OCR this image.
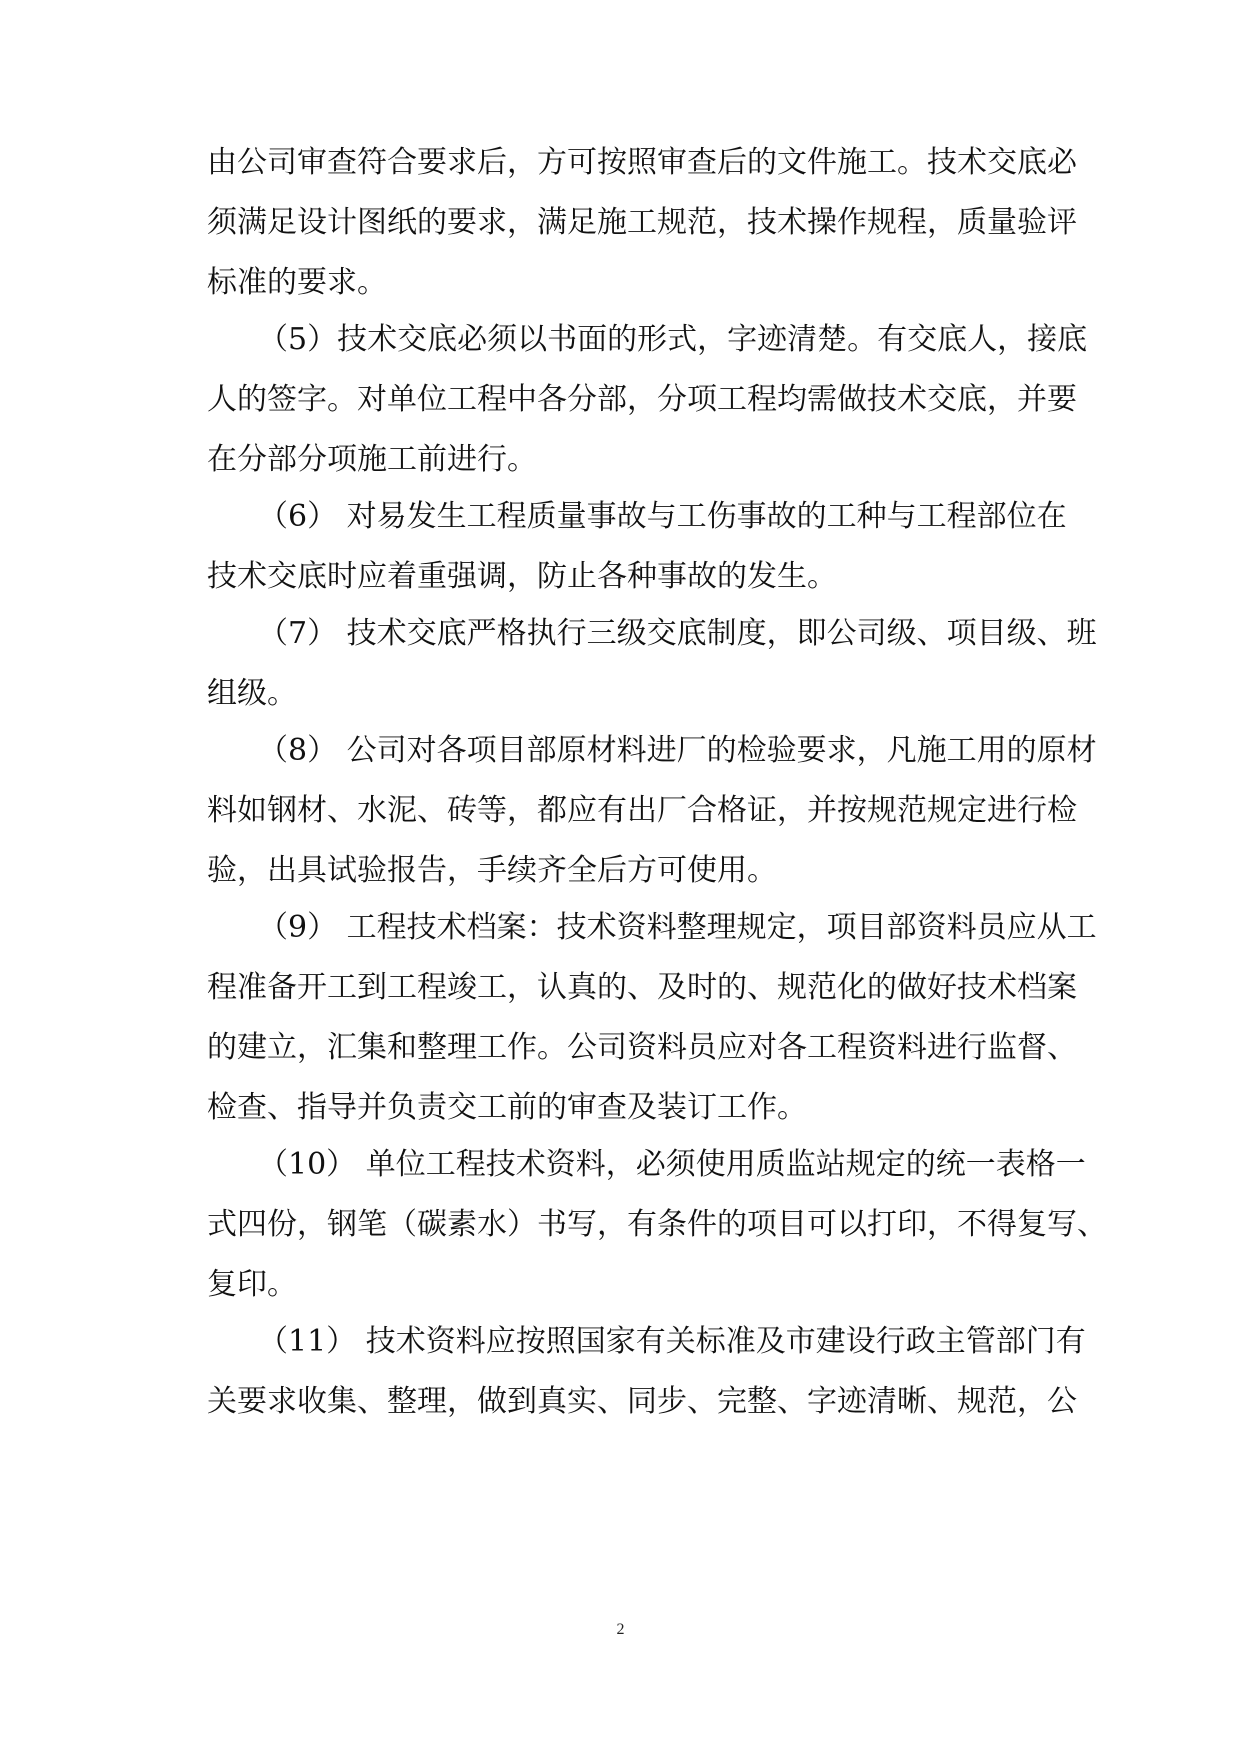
由公司审查符合要求后，方可按照审查后的文件施工。技术交底必
须满足设计图纸的要求，满足施工规范，技术操作规程，质量验评
标准的要求。
（5）技术交底必须以书面的形式，字迹清楚。有交底人，接底
人的签字。对单位工程中各分部，分项工程均需做技术交底，并要
在分部分项施工前进行。
（6） 对易发生工程质量事故与工伤事故的工种与工程部位在
技术交底时应着重强调，防止各种事故的发生。
（7） 技术交底严格执行三级交底制度，即公司级、项目级、班
组级。
（8） 公司对各项目部原材料进厂的检验要求，凡施工用的原材
料如钢材、水泥、砖等，都应有出厂合格证，并按规范规定进行检
验，出具试验报告，手续齐全后方可使用。
（9） 工程技术档案：技术资料整理规定，项目部资料员应从工
程准备开工到工程竣工，认真的、及时的、规范化的做好技术档案
的建立，汇集和整理工作。公司资料员应对各工程资料进行监督、
检查、指导并负责交工前的审查及装订工作。
（10） 单位工程技术资料，必须使用质监站规定的统一表格一
式四份，钢笔（碳素水）书写，有条件的项目可以打印，不得复写、
复印。
（11） 技术资料应按照国家有关标准及市建设行政主管部门有
关要求收集、整理，做到真实、同步、完整、字迹清晰、规范，公
2
